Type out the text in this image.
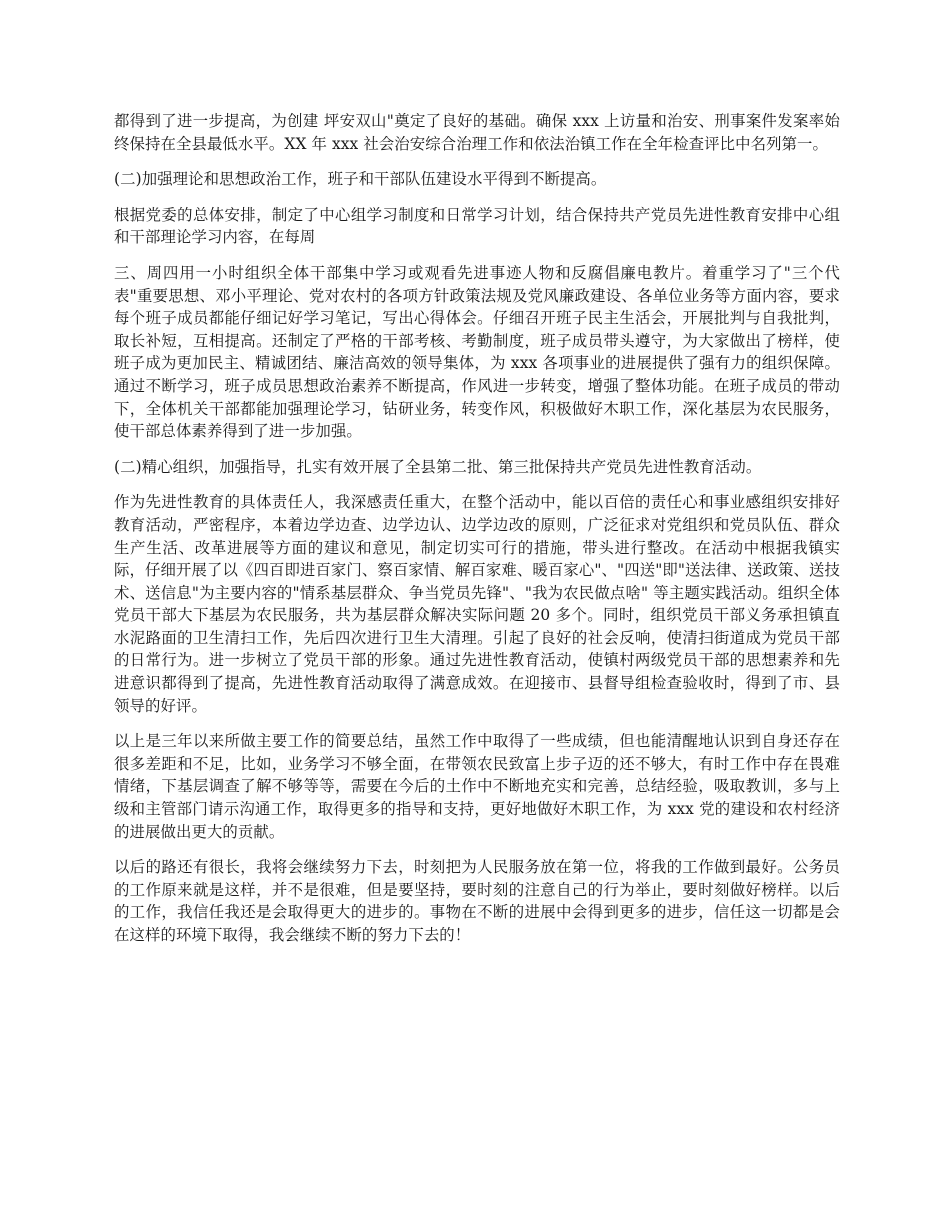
都得到了进一步提高，为创建 坪安双山"奠定了良好的基础。确保 xxx 上访量和治安、刑事案件发案率始终保持在全县最低水平。XX 年 xxx 社会治安综合治理工作和依法治镇工作在全年检查评比中名列第一。

(二)加强理论和思想政治工作，班子和干部队伍建设水平得到不断提高。

根据党委的总体安排，制定了中心组学习制度和日常学习计划，结合保持共产党员先进性教育安排中心组和干部理论学习内容，在每周

三、周四用一小时组织全体干部集中学习或观看先进事迹人物和反腐倡廉电教片。着重学习了"三个代表"重要思想、邓小平理论、党对农村的各项方针政策法规及党风廉政建设、各单位业务等方面内容，要求每个班子成员都能仔细记好学习笔记，写出心得体会。仔细召开班子民主生活会，开展批判与自我批判，取长补短，互相提高。还制定了严格的干部考核、考勤制度，班子成员带头遵守，为大家做出了榜样，使班子成为更加民主、精诚团结、廉洁高效的领导集体，为 xxx 各项事业的进展提供了强有力的组织保障。通过不断学习，班子成员思想政治素养不断提高，作风进一步转变，增强了整体功能。在班子成员的带动下，全体机关干部都能加强理论学习，钻研业务，转变作风，积极做好木职工作，深化基层为农民服务，使干部总体素养得到了进一步加强。

(二)精心组织，加强指导，扎实有效开展了全县第二批、第三批保持共产党员先进性教育活动。

作为先进性教育的具体责任人，我深感责任重大，在整个活动中，能以百倍的责任心和事业感组织安排好教育活动，严密程序，本着边学边查、边学边认、边学边改的原则，广泛征求对党组织和党员队伍、群众生产生活、改革进展等方面的建议和意见，制定切实可行的措施，带头进行整改。在活动中根据我镇实际，仔细开展了以《四百即进百家门、察百家情、解百家难、暖百家心"、"四送"即"送法律、送政策、送技术、送信息"为主要内容的"情系基层群众、争当党员先锋"、"我为农民做点啥" 等主题实践活动。组织全体党员干部大下基层为农民服务，共为基层群众解决实际问题 20 多个。同时，组织党员干部义务承担镇直水泥路面的卫生清扫工作，先后四次进行卫生大清理。引起了良好的社会反响，使清扫街道成为党员干部的日常行为。进一步树立了党员干部的形象。通过先进性教育活动，使镇村两级党员干部的思想素养和先进意识都得到了提高，先进性教育活动取得了满意成效。在迎接市、县督导组检查验收时，得到了市、县领导的好评。

以上是三年以来所做主要工作的简要总结，虽然工作中取得了一些成绩，但也能清醒地认识到自身还存在很多差距和不足，比如，业务学习不够全面，在带领农民致富上步子迈的还不够大，有时工作中存在畏难情绪，下基层调查了解不够等等，需要在今后的土作中不断地充实和完善，总结经验，吸取教训，多与上级和主管部门请示沟通工作，取得更多的指导和支持，更好地做好木职工作，为 xxx 党的建设和农村经济的进展做出更大的贡献。

以后的路还有很长，我将会继续努力下去，时刻把为人民服务放在第一位，将我的工作做到最好。公务员的工作原来就是这样，并不是很难，但是要坚持，要时刻的注意自己的行为举止，要时刻做好榜样。以后的工作，我信任我还是会取得更大的进步的。事物在不断的进展中会得到更多的进步，信任这一切都是会在这样的环境下取得，我会继续不断的努力下去的！
